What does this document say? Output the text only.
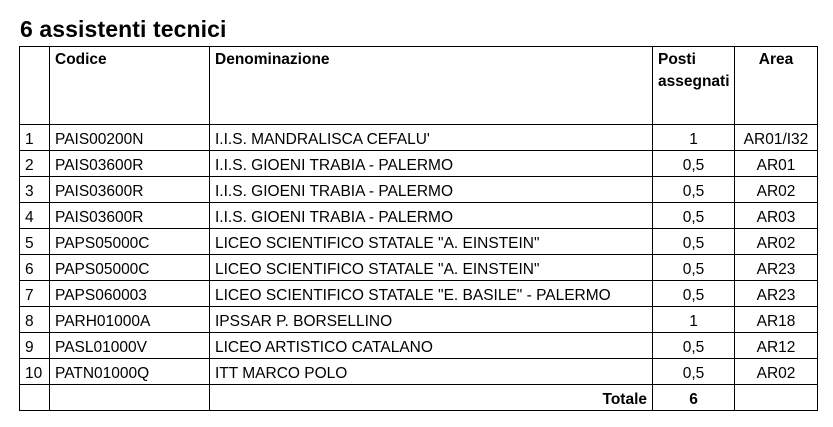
6 assistenti tecnici
	Codice	Denominazione	Posti assegnati	Area
1	PAIS00200N	I.I.S. MANDRALISCA CEFALU'	1	AR01/I32
2	PAIS03600R	I.I.S. GIOENI TRABIA - PALERMO	0,5	AR01
3	PAIS03600R	I.I.S. GIOENI TRABIA - PALERMO	0,5	AR02
4	PAIS03600R	I.I.S. GIOENI TRABIA - PALERMO	0,5	AR03
5	PAPS05000C	LICEO SCIENTIFICO STATALE "A. EINSTEIN"	0,5	AR02
6	PAPS05000C	LICEO SCIENTIFICO STATALE "A. EINSTEIN"	0,5	AR23
7	PAPS060003	LICEO SCIENTIFICO STATALE "E. BASILE" - PALERMO	0,5	AR23
8	PARH01000A	IPSSAR P. BORSELLINO	1	AR18
9	PASL01000V	LICEO ARTISTICO CATALANO	0,5	AR12
10	PATN01000Q	ITT MARCO POLO	0,5	AR02
		Totale	6	
